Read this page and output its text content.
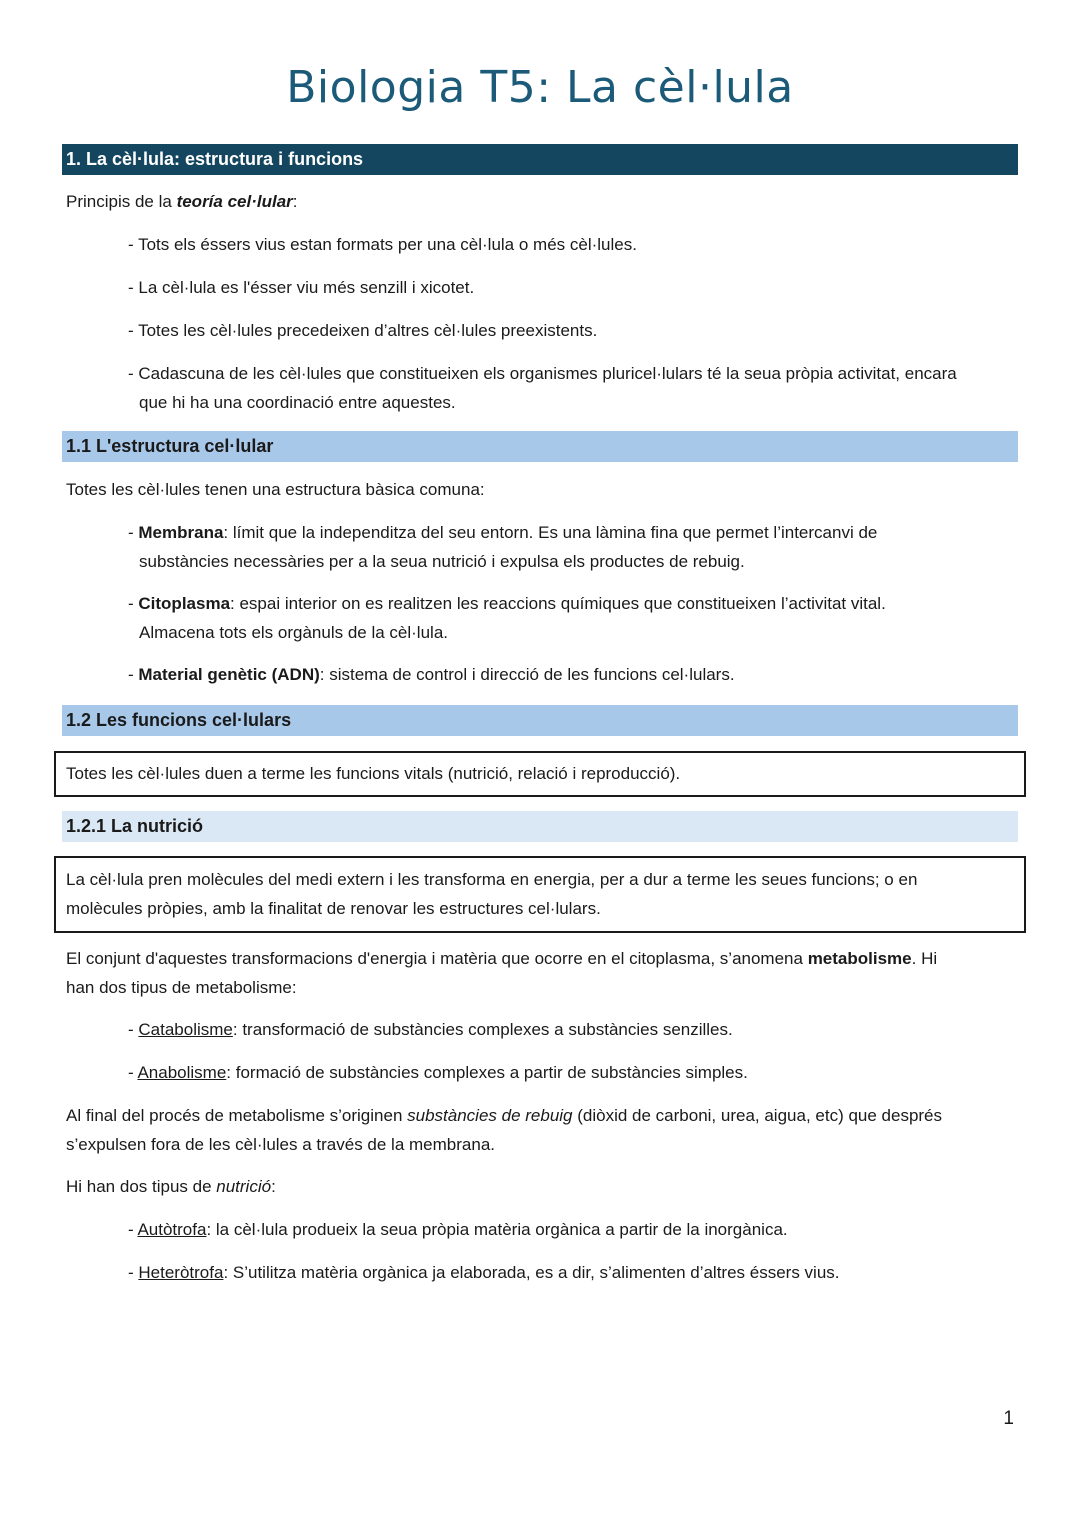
Biologia T5: La cèl·lula
1. La cèl·lula: estructura i funcions
Principis de la teoría cel·lular:
- Tots els éssers vius estan formats per una cèl·lula o més cèl·lules.
- La cèl·lula es l'ésser viu més senzill i xicotet.
- Totes les cèl·lules precedeixen d’altres cèl·lules preexistents.
- Cadascuna de les cèl·lules que constitueixen els organismes pluricel·lulars té la seua pròpia activitat, encara
que hi ha una coordinació entre aquestes.
1.1 L'estructura cel·lular
Totes les cèl·lules tenen una estructura bàsica comuna:
- Membrana: límit que la independitza del seu entorn. Es una làmina fina que permet l’intercanvi de
substàncies necessàries per a la seua nutrició i expulsa els productes de rebuig.
- Citoplasma: espai interior on es realitzen les reaccions químiques que constitueixen l’activitat vital.
Almacena tots els orgànuls de la cèl·lula.
- Material genètic (ADN): sistema de control i direcció de les funcions cel·lulars.
1.2 Les funcions cel·lulars
Totes les cèl·lules duen a terme les funcions vitals (nutrició, relació i reproducció).
1.2.1 La nutrició
La cèl·lula pren molècules del medi extern i les transforma en energia, per a dur a terme les seues funcions; o en
molècules pròpies, amb la finalitat de renovar les estructures cel·lulars.
El conjunt d'aquestes transformacions d'energia i matèria que ocorre en el citoplasma, s’anomena metabolisme. Hi
han dos tipus de metabolisme:
- Catabolisme: transformació de substàncies complexes a substàncies senzilles.
- Anabolisme: formació de substàncies complexes a partir de substàncies simples.
Al final del procés de metabolisme s’originen substàncies de rebuig (diòxid de carboni, urea, aigua, etc) que després
s’expulsen fora de les cèl·lules a través de la membrana.
Hi han dos tipus de nutrició:
- Autòtrofa: la cèl·lula produeix la seua pròpia matèria orgànica a partir de la inorgànica.
- Heteròtrofa: S’utilitza matèria orgànica ja elaborada, es a dir, s’alimenten d’altres éssers vius.
1
